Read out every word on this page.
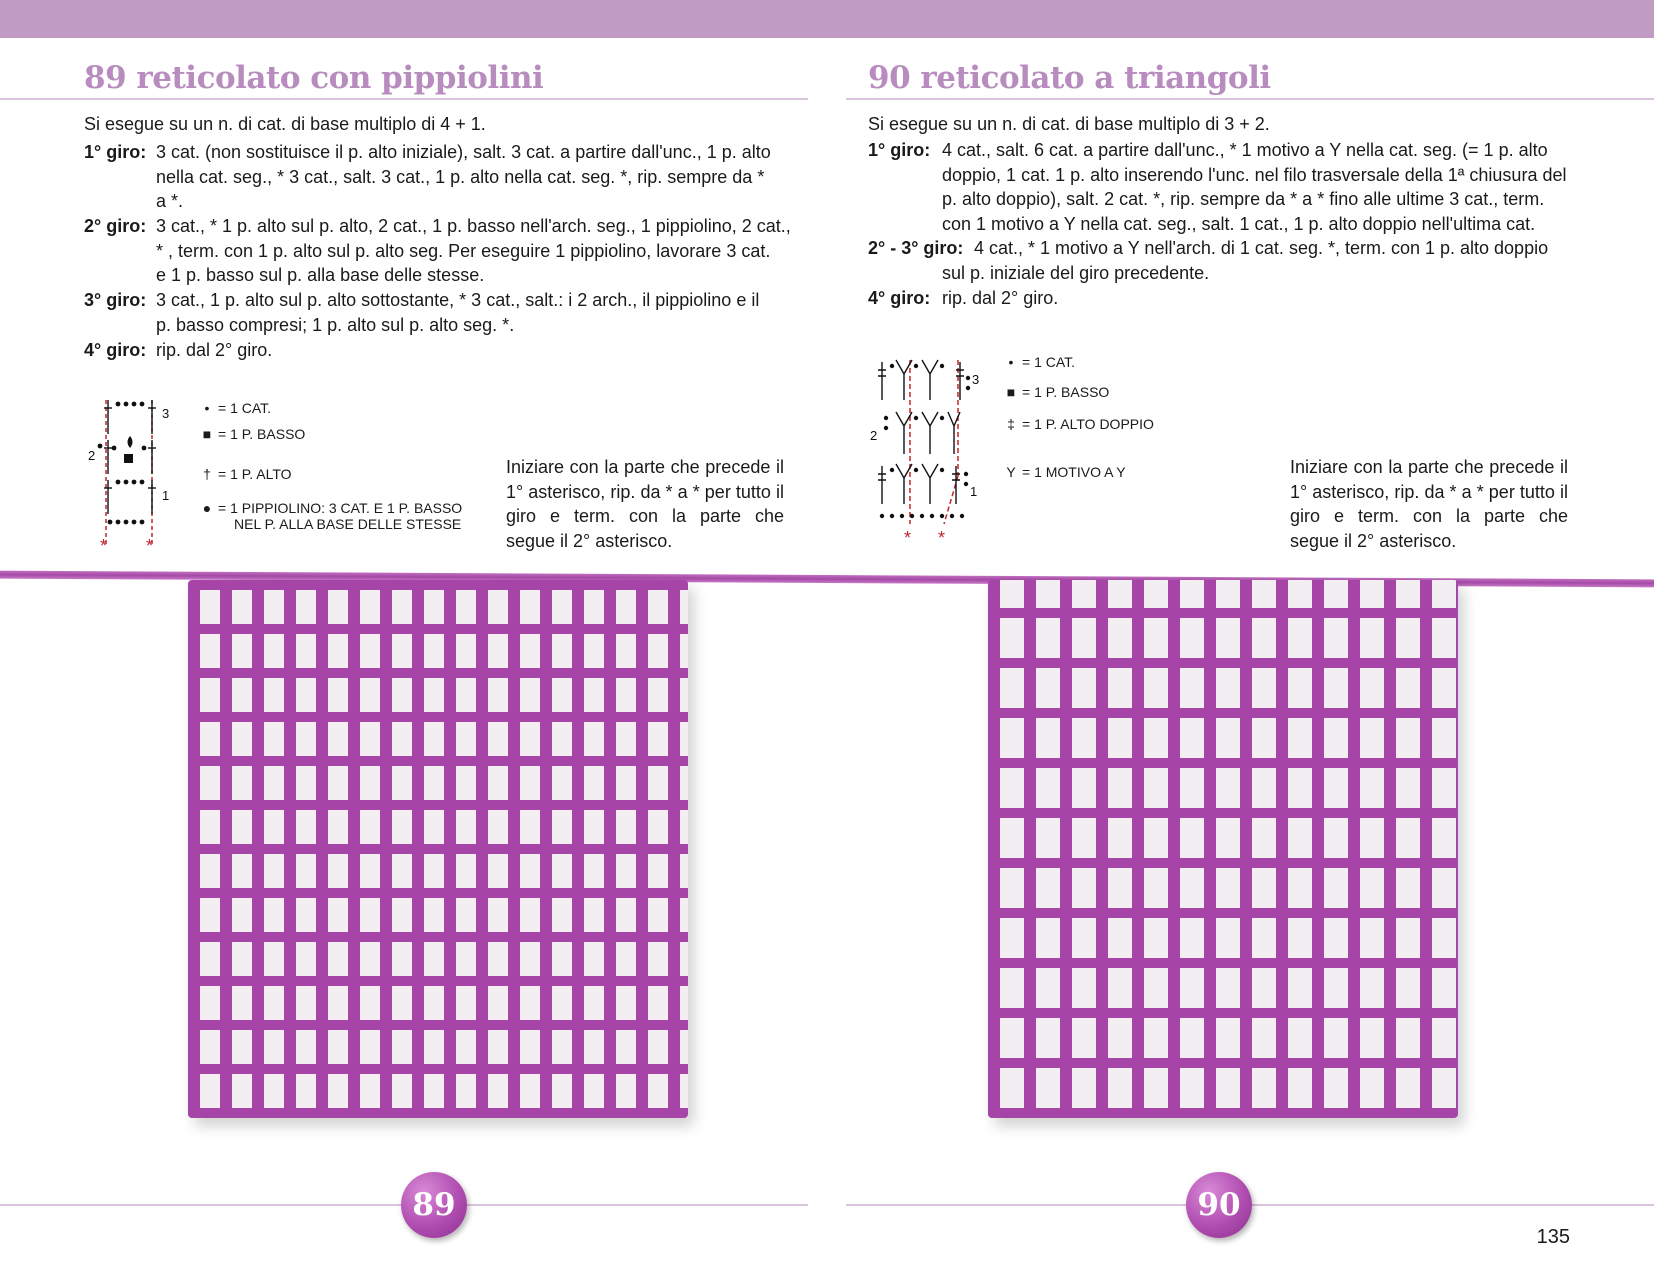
89 reticolato con pippiolini
Si esegue su un n. di cat. di base multiplo di 4 + 1.
1° giro: 3 cat. (non sostituisce il p. alto iniziale), salt. 3 cat. a partire dall'unc., 1 p. alto
nella cat. seg., * 3 cat., salt. 3 cat., 1 p. alto nella cat. seg. *, rip. sempre da *
a *.
2° giro: 3 cat., * 1 p. alto sul p. alto, 2 cat., 1 p. basso nell'arch. seg., 1 pippiolino, 2 cat.,
* , term. con 1 p. alto sul p. alto seg. Per eseguire 1 pippiolino, lavorare 3 cat.
e 1 p. basso sul p. alla base delle stesse.
3° giro: 3 cat., 1 p. alto sul p. alto sottostante, * 3 cat., salt.: i 2 arch., il pippiolino e il
p. basso compresi; 1 p. alto sul p. alto seg. *.
4° giro: rip. dal 2° giro.
3
2
1
* *
• = 1 CAT.
■ = 1 P. BASSO
† = 1 P. ALTO
● = 1 PIPPIOLINO: 3 CAT. E 1 P. BASSO
NEL P. ALLA BASE DELLE STESSE
Iniziare con la parte che precede il 1° asterisco, rip. da * a * per tutto il giro e term. con la parte che segue il 2° asterisco.
90 reticolato a triangoli
Si esegue su un n. di cat. di base multiplo di 3 + 2.
1° giro: 4 cat., salt. 6 cat. a partire dall'unc., * 1 motivo a Y nella cat. seg. (= 1 p. alto
doppio, 1 cat. 1 p. alto inserendo l'unc. nel filo trasversale della 1ª chiusura del
p. alto doppio), salt. 2 cat. *, rip. sempre da * a * fino alle ultime 3 cat., term.
con 1 motivo a Y nella cat. seg., salt. 1 cat., 1 p. alto doppio nell'ultima cat.
2° - 3° giro: 4 cat., * 1 motivo a Y nell'arch. di 1 cat. seg. *, term. con 1 p. alto doppio
sul p. iniziale del giro precedente.
4° giro: rip. dal 2° giro.
3
2
1
* *
• = 1 CAT.
■ = 1 P. BASSO
‡ = 1 P. ALTO DOPPIO
Y = 1 MOTIVO A Y	Iniziare con la parte che precede il 1° asterisco, rip. da * a * per tutto il giro e term. con la parte che segue il 2° asterisco.
89	90
135
